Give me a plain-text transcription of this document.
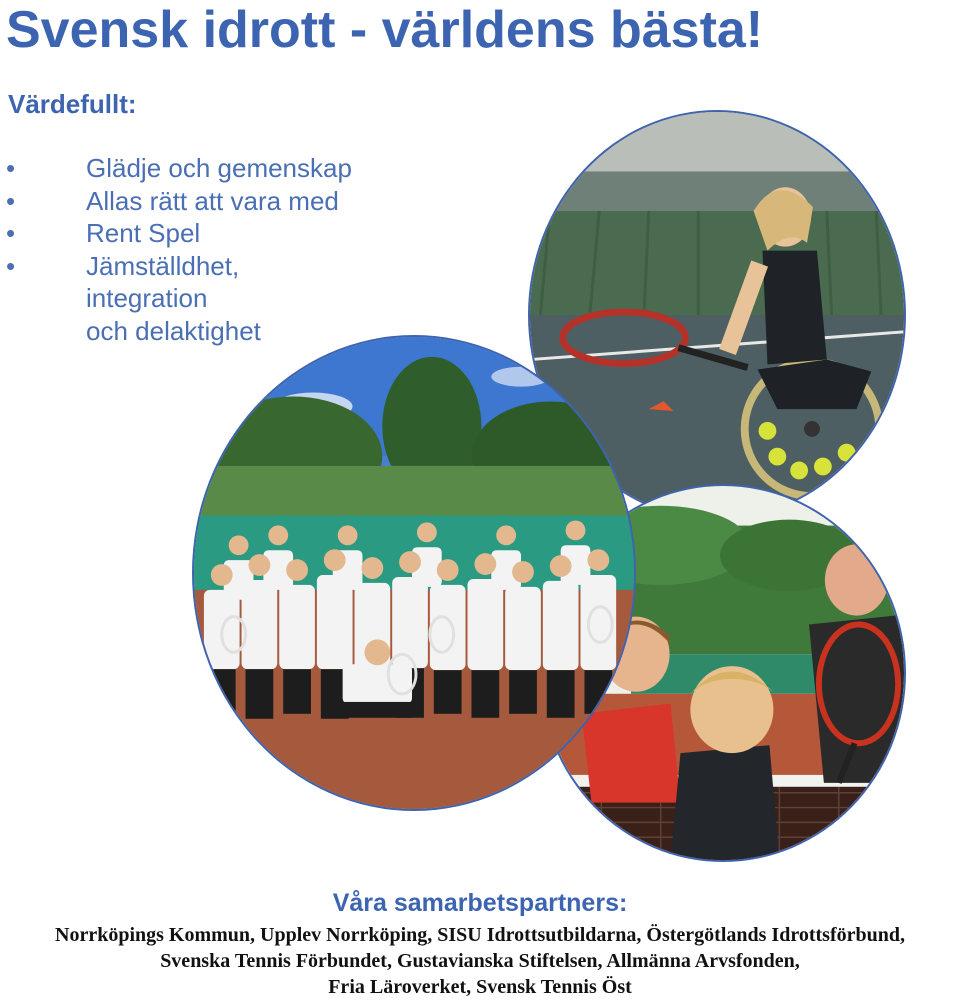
Svensk idrott - världens bästa!
Värdefullt:
•	Glädje och gemenskap
•	Allas rätt att vara med
•	Rent Spel
•	Jämställdhet,
integration
och delaktighet
Våra samarbetspartners:

Norrköpings Kommun, Upplev Norrköping, SISU Idrottsutbildarna, Östergötlands Idrottsförbund,
Svenska Tennis Förbundet, Gustavianska Stiftelsen, Allmänna Arvsfonden,
Fria Läroverket, Svensk Tennis Öst
